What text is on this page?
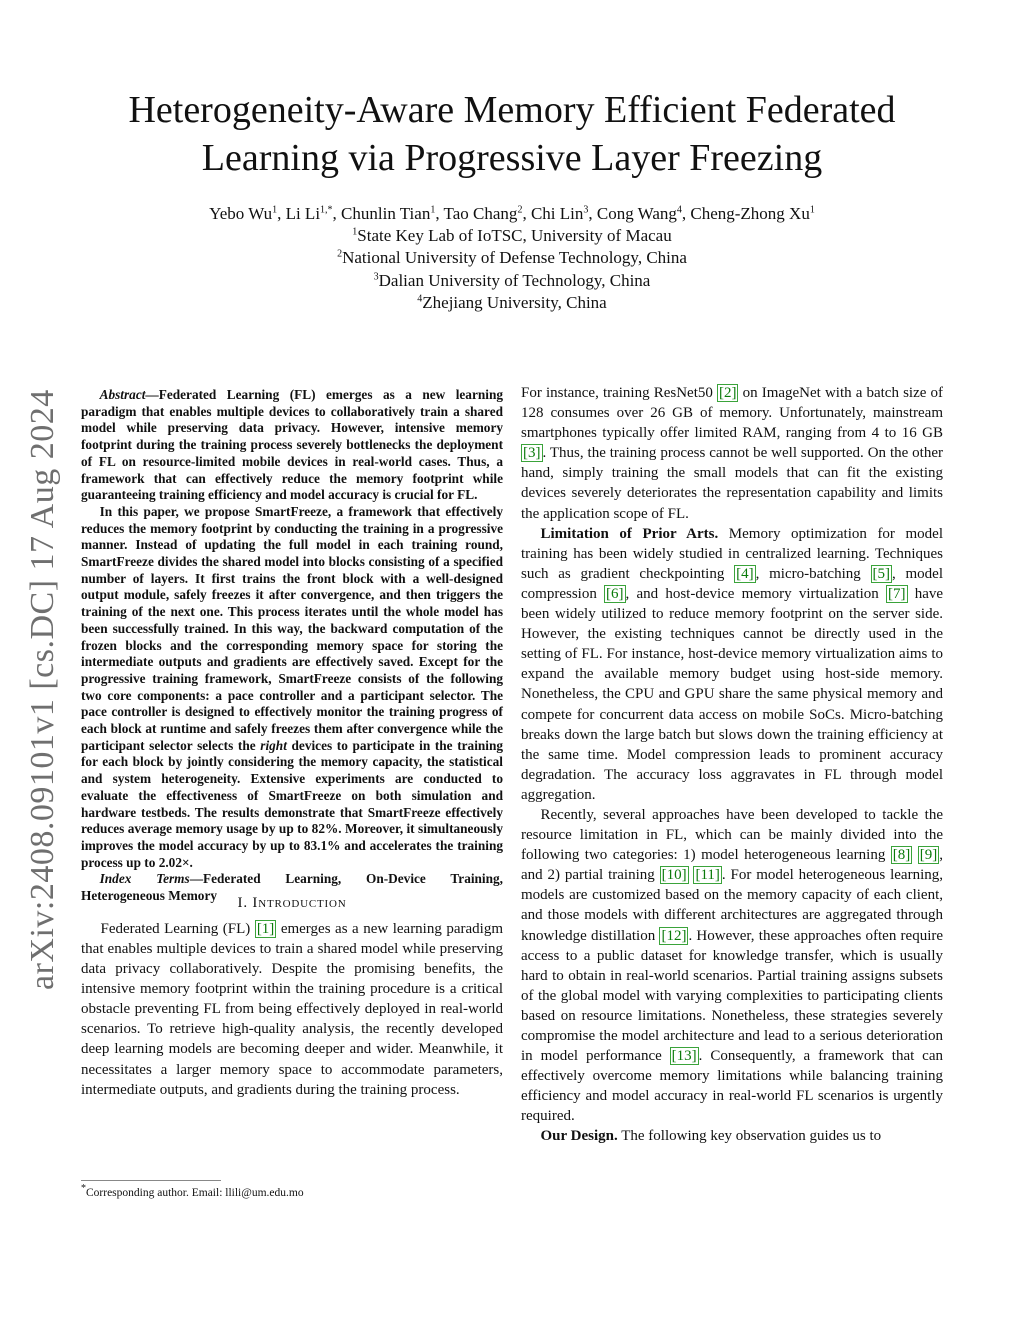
arXiv:2408.09101v1 [cs.DC] 17 Aug 2024
Heterogeneity-Aware Memory Efficient Federated
Learning via Progressive Layer Freezing
Yebo Wu$^1$, Li $Li^{1,*}$, Chunlin Tian$^1$, Tao Chang$^2$, Chi Lin$^3$, Cong Wang$^4$, Cheng-Zhong Xu$^1$
$^1$State Key Lab of IoTSC, University of Macau
$^2$National University of Defense Technology, China
$^3$Dalian University of Technology, China
$^4$Zhejiang University, China

Abstract—Federated Learning (FL) emerges as a new learning paradigm that enables multiple devices to collaboratively train a shared model while preserving data privacy. However, intensive memory footprint during the training process severely bottlenecks the deployment of FL on resource-limited mobile devices in real-world cases. Thus, a framework that can effectively reduce the memory footprint while guaranteeing training efficiency and model accuracy is crucial for FL.

In this paper, we propose SmartFreeze, a framework that effectively reduces the memory footprint by conducting the training in a progressive manner. Instead of updating the full model in each training round, SmartFreeze divides the shared model into blocks consisting of a specified number of layers. It first trains the front block with a well-designed output module, safely freezes it after convergence, and then triggers the training of the next one. This process iterates until the whole model has been successfully trained. In this way, the backward computation of the frozen blocks and the corresponding memory space for storing the intermediate outputs and gradients are effectively saved. Except for the progressive training framework, SmartFreeze consists of the following two core components: a pace controller and a participant selector. The pace controller is designed to effectively monitor the training progress of each block at runtime and safely freezes them after convergence while the participant selector selects the right devices to participate in the training for each block by jointly considering the memory capacity, the statistical and system heterogeneity. Extensive experiments are conducted to evaluate the effectiveness of SmartFreeze on both simulation and hardware testbeds. The results demonstrate that SmartFreeze effectively reduces average memory usage by up to 82%. Moreover, it simultaneously improves the model accuracy by up to 83.1% and accelerates the training process up to 2.02×.

Index Terms—Federated Learning, On-Device Training, Heterogeneous Memory	I. Introduction

Federated Learning (FL) [1] emerges as a new learning paradigm that enables multiple devices to train a shared model while preserving data privacy collaboratively. Despite the promising benefits, the intensive memory footprint within the training procedure is a critical obstacle preventing FL from being effectively deployed in real-world scenarios. To retrieve high-quality analysis, the recently developed deep learning models are becoming deeper and wider. Meanwhile, it necessitates a larger memory space to accommodate parameters, intermediate outputs, and gradients during the training process.

*Corresponding author. Email: llili@um.edu.mo

For instance, training ResNet50 [2] on ImageNet with a batch size of 128 consumes over 26 GB of memory. Unfortunately, mainstream smartphones typically offer limited RAM, ranging from 4 to 16 GB [3] . Thus, the training process cannot be well supported. On the other hand, simply training the small models that can fit the existing devices severely deteriorates the representation capability and limits the application scope of FL.

Limitation of Prior Arts. Memory optimization for model training has been widely studied in centralized learning. Techniques such as gradient checkpointing [4] , micro-batching [5] , model compression [6] , and host-device memory virtualization [7] have been widely utilized to reduce memory footprint on the server side. However, the existing techniques cannot be directly used in the setting of FL. For instance, host-device memory virtualization aims to expand the available memory budget using host-side memory. Nonetheless, the CPU and GPU share the same physical memory and compete for concurrent data access on mobile SoCs. Micro-batching breaks down the large batch but slows down the training efficiency at the same time. Model compression leads to prominent accuracy degradation. The accuracy loss aggravates in FL through model aggregation.

Recently, several approaches have been developed to tackle the resource limitation in FL, which can be mainly divided into the following two categories: 1) model heterogeneous learning [8] [9] , and 2) partial training [10] [11] . For model heterogeneous learning, models are customized based on the memory capacity of each client, and those models with different architectures are aggregated through knowledge distillation [12] . However, these approaches often require access to a public dataset for knowledge transfer, which is usually hard to obtain in real-world scenarios. Partial training assigns subsets of the global model with varying complexities to participating clients based on resource limitations. Nonetheless, these strategies severely compromise the model architecture and lead to a serious deterioration in model performance [13] . Consequently, a framework that can effectively overcome memory limitations while balancing training efficiency and model accuracy in real-world FL scenarios is urgently required.

Our Design. The following key observation guides us to
